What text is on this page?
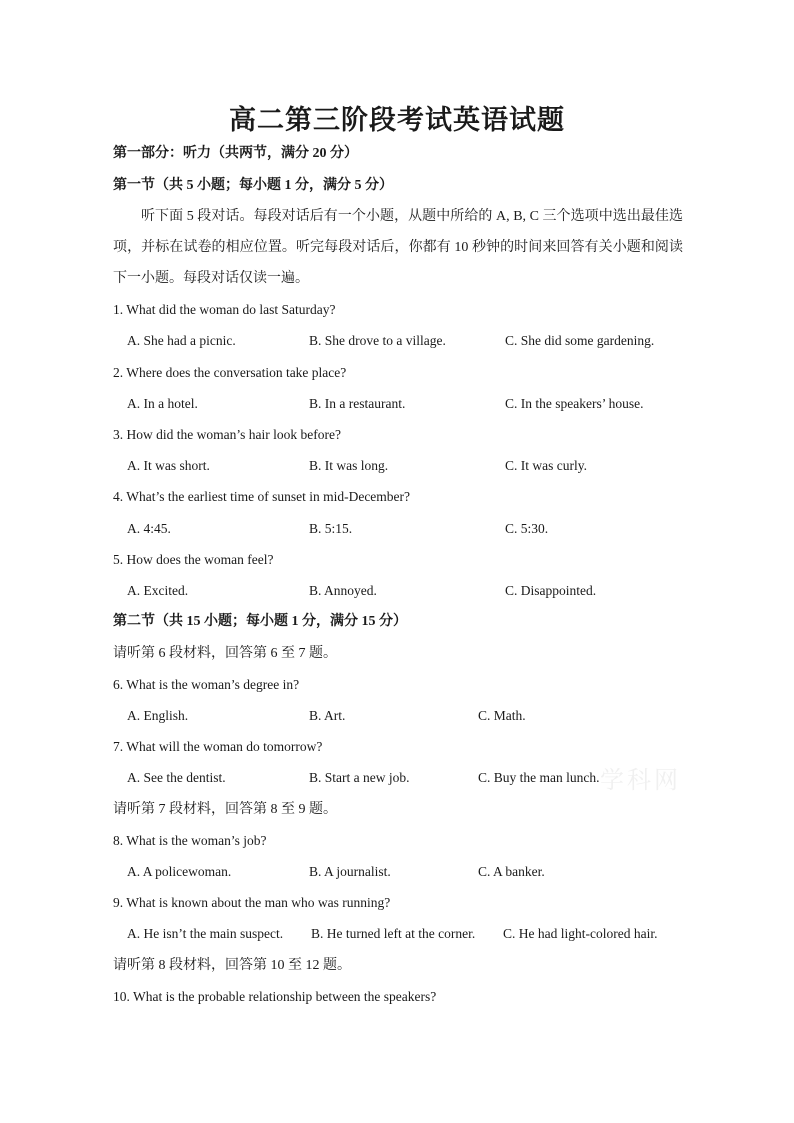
高二第三阶段考试英语试题
第一部分：听力（共两节，满分 20 分）
第一节（共 5 小题；每小题 1 分，满分 5 分）
听下面 5 段对话。每段对话后有一个小题，从题中所给的 A, B, C 三个选项中选出最佳选项，并标在试卷的相应位置。听完每段对话后，你都有 10 秒钟的时间来回答有关小题和阅读下一小题。每段对话仅读一遍。
1. What did the woman do last Saturday?
A. She had a picnic.	B. She drove to a village.	C. She did some gardening.
2. Where does the conversation take place?
A. In a hotel.	B. In a restaurant.	C. In the speakers’ house.
3. How did the woman’s hair look before?
A. It was short.	B. It was long.	C. It was curly.
4. What’s the earliest time of sunset in mid-December?
A. 4:45.	B. 5:15.	C. 5:30.
5. How does the woman feel?
A. Excited.	B. Annoyed.	C. Disappointed.
第二节（共 15 小题；每小题 1 分，满分 15 分）
请听第 6 段材料，回答第 6 至 7 题。
6. What is the woman’s degree in?
A. English.	B. Art.	C. Math.
7. What will the woman do tomorrow?
A. See the dentist.	B. Start a new job.	C. Buy the man lunch.
请听第 7 段材料，回答第 8 至 9 题。
8. What is the woman’s job?
A. A policewoman.	B. A journalist.	C. A banker.
9. What is known about the man who was running?
A. He isn’t the main suspect. B. He turned left at the corner. C. He had light-colored hair.
请听第 8 段材料，回答第 10 至 12 题。
10. What is the probable relationship between the speakers?
学科网
